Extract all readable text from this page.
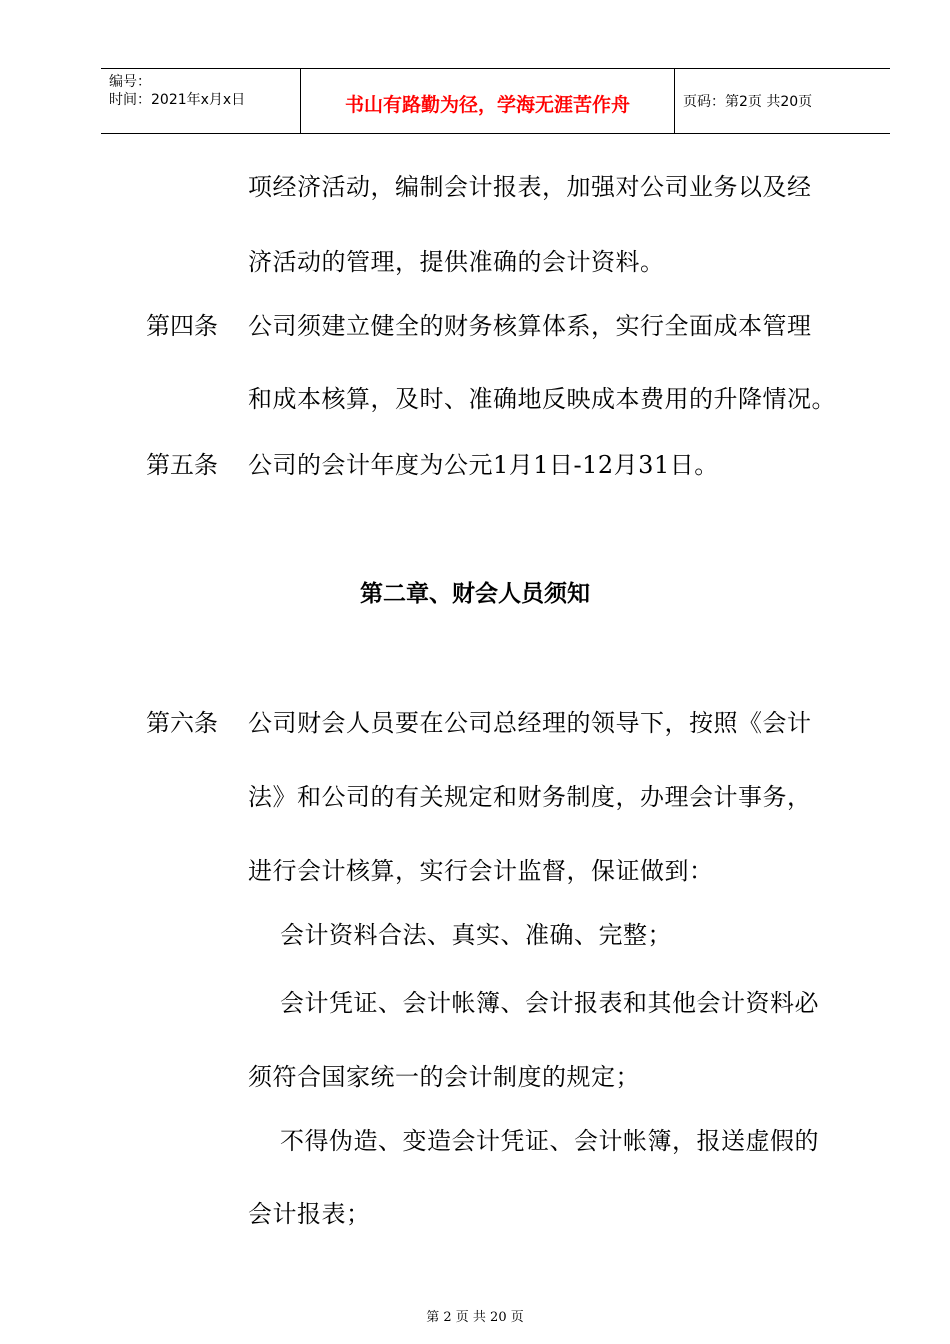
编号：
时间：2021年x月x日	书山有路勤为径，学海无涯苦作舟	页码：第2页 共20页
项经济活动，编制会计报表，加强对公司业务以及经
济活动的管理，提供准确的会计资料。
第四条 公司须建立健全的财务核算体系，实行全面成本管理
和成本核算，及时、准确地反映成本费用的升降情况。
第五条 公司的会计年度为公元1月1日-12月31日。
第二章、财会人员须知
第六条 公司财会人员要在公司总经理的领导下，按照《会计
法》和公司的有关规定和财务制度，办理会计事务，
进行会计核算，实行会计监督，保证做到：
会计资料合法、真实、准确、完整；
会计凭证、会计帐簿、会计报表和其他会计资料必
须符合国家统一的会计制度的规定；
不得伪造、变造会计凭证、会计帐簿，报送虚假的
会计报表；
第 2 页 共 20 页
